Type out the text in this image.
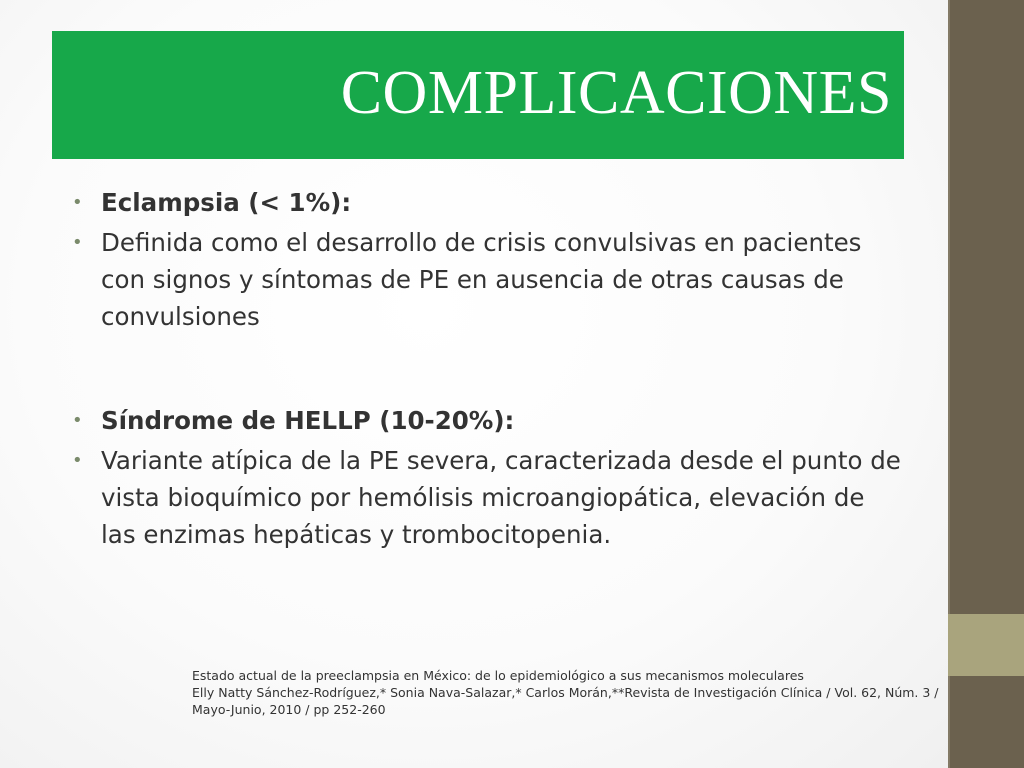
COMPLICACIONES
• Eclampsia (< 1%):
• Definida como el desarrollo de crisis convulsivas en pacientes con signos y síntomas de PE en ausencia de otras causas de convulsiones
• Síndrome de HELLP (10-20%):
• Variante atípica de la PE severa, caracterizada desde el punto de vista bioquímico por hemólisis microangiopática, elevación de las enzimas hepáticas y trombocitopenia.
Estado actual de la preeclampsia en México: de lo epidemiológico a sus mecanismos moleculares
Elly Natty Sánchez-Rodríguez,* Sonia Nava-Salazar,* Carlos Morán,**Revista de Investigación Clínica / Vol. 62, Núm. 3 /
Mayo-Junio, 2010 / pp 252-260
